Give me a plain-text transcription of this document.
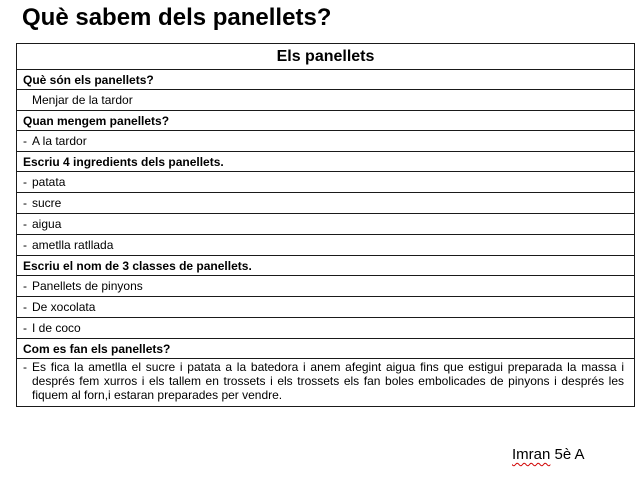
Què sabem dels panellets?
Els panellets
Què són els panellets?
Menjar de la tardor
Quan mengem panellets?
- A la tardor
Escriu 4 ingredients dels panellets.
- patata
- sucre
- aigua
- ametlla ratllada
Escriu el nom de 3 classes de panellets.
- Panellets de pinyons
- De xocolata
- I de coco
Com es fan els panellets?

- Es fica la ametlla el sucre i patata a la batedora i anem afegint aigua fins que estigui preparada la massa i després fem xurros i els tallem en trossets i els trossets els fan boles embolicades de pinyons i després les fiquem al forn,i estaran preparades per vendre.
Imran 5è A
